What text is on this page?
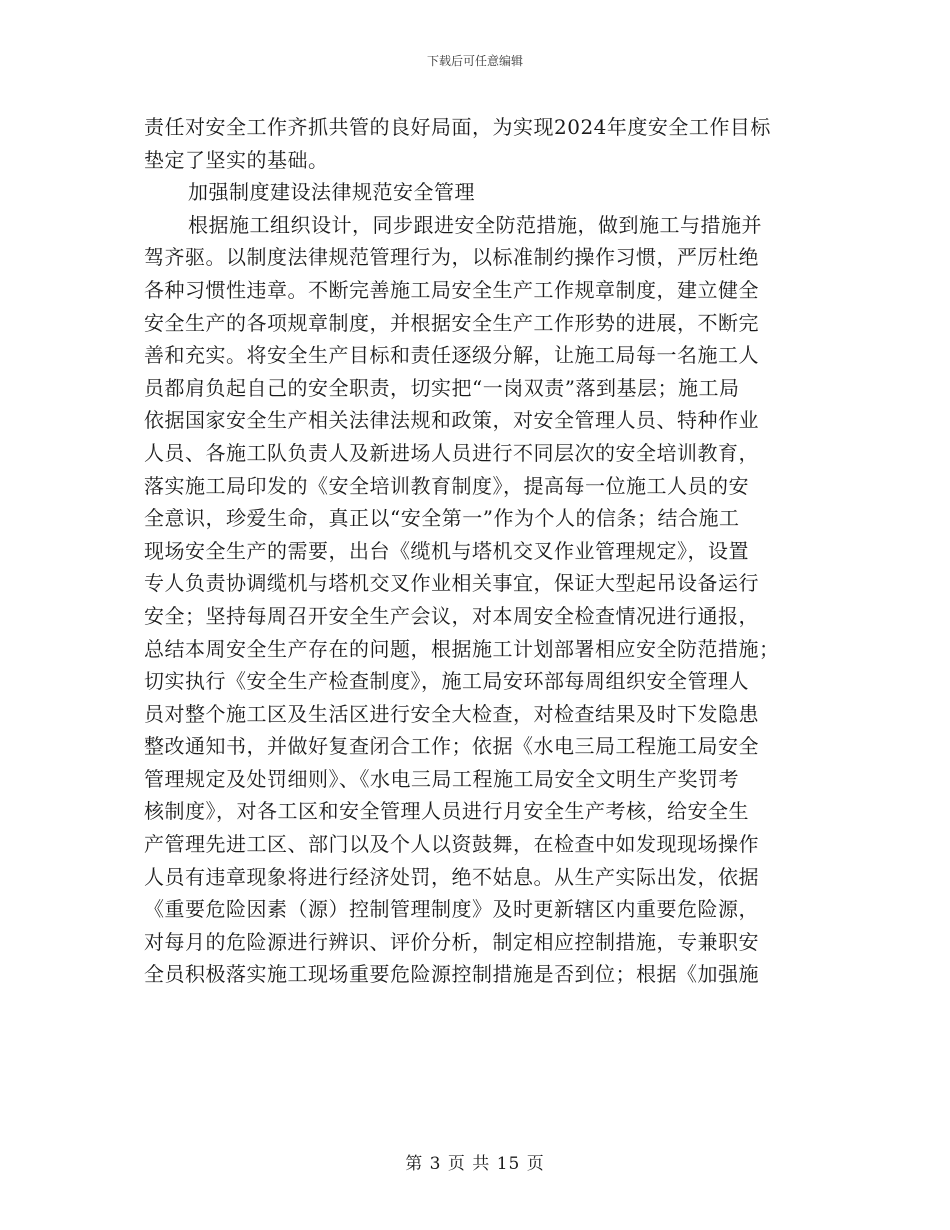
下载后可任意编辑
责任对安全工作齐抓共管的良好局面，为实现2024年度安全工作目标
垫定了坚实的基础。
加强制度建设法律规范安全管理
根据施工组织设计，同步跟进安全防范措施，做到施工与措施并
驾齐驱。以制度法律规范管理行为，以标准制约操作习惯，严厉杜绝
各种习惯性违章。不断完善施工局安全生产工作规章制度，建立健全
安全生产的各项规章制度，并根据安全生产工作形势的进展，不断完
善和充实。将安全生产目标和责任逐级分解，让施工局每一名施工人
员都肩负起自己的安全职责，切实把“一岗双责”落到基层；施工局
依据国家安全生产相关法律法规和政策，对安全管理人员、特种作业
人员、各施工队负责人及新进场人员进行不同层次的安全培训教育，
落实施工局印发的《安全培训教育制度》，提高每一位施工人员的安
全意识，珍爱生命，真正以“安全第一”作为个人的信条；结合施工
现场安全生产的需要，出台《缆机与塔机交叉作业管理规定》，设置
专人负责协调缆机与塔机交叉作业相关事宜，保证大型起吊设备运行
安全；坚持每周召开安全生产会议，对本周安全检查情况进行通报，
总结本周安全生产存在的问题，根据施工计划部署相应安全防范措施；
切实执行《安全生产检查制度》，施工局安环部每周组织安全管理人
员对整个施工区及生活区进行安全大检查，对检查结果及时下发隐患
整改通知书，并做好复查闭合工作；依据《水电三局工程施工局安全
管理规定及处罚细则》、《水电三局工程施工局安全文明生产奖罚考
核制度》，对各工区和安全管理人员进行月安全生产考核，给安全生
产管理先进工区、部门以及个人以资鼓舞，在检查中如发现现场操作
人员有违章现象将进行经济处罚，绝不姑息。从生产实际出发，依据
《重要危险因素（源）控制管理制度》及时更新辖区内重要危险源，
对每月的危险源进行辨识、评价分析，制定相应控制措施，专兼职安
全员积极落实施工现场重要危险源控制措施是否到位；根据《加强施
第 3 页 共 15 页
